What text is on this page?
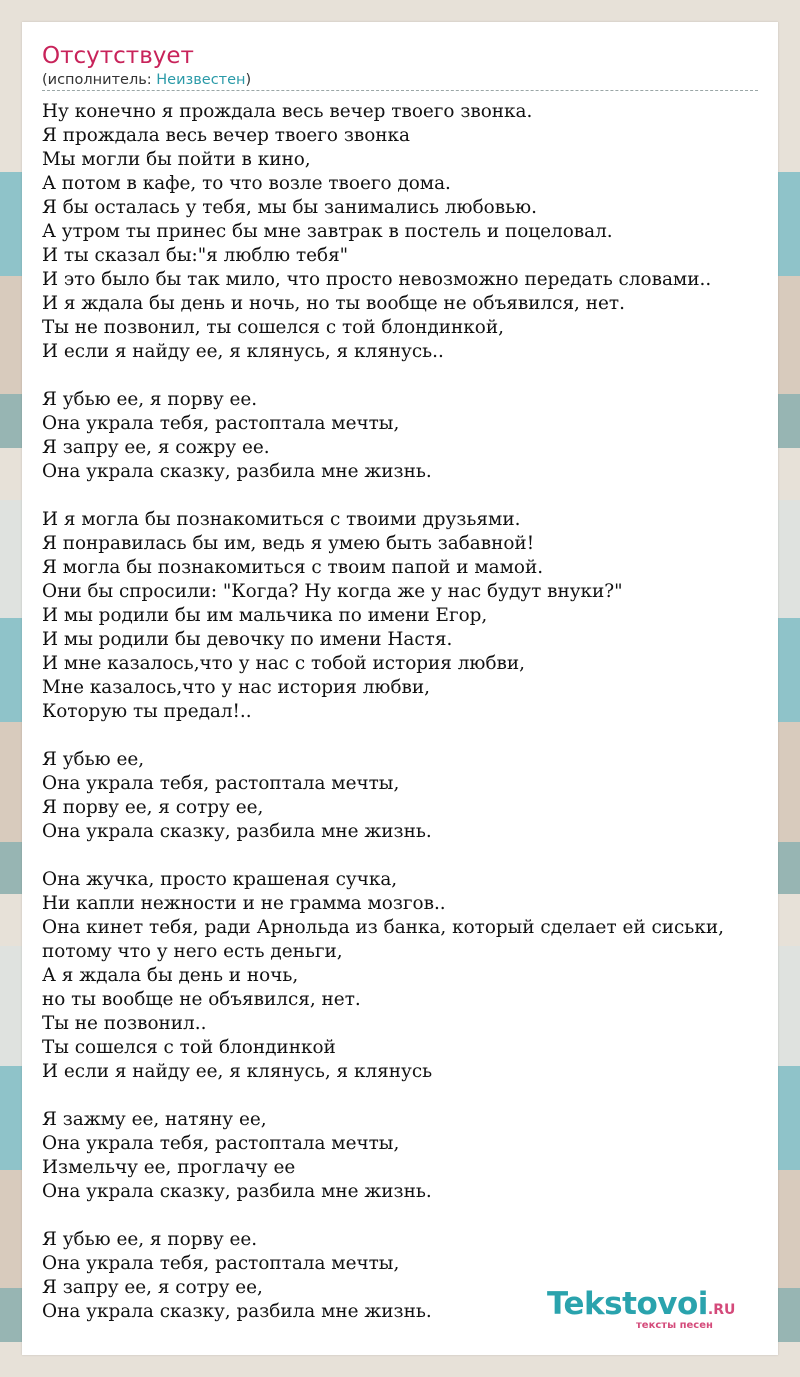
Отсутствует
(исполнитель: Неизвестен)
Ну конечно я прождала весь вечер твоего звонка.
Я прождала весь вечер твоего звонка
Мы могли бы пойти в кино,
А потом в кафе, то что возле твоего дома.
Я бы осталась у тебя, мы бы занимались любовью.
А утром ты принес бы мне завтрак в постель и поцеловал.
И ты сказал бы:"я люблю тебя"
И это было бы так мило, что просто невозможно передать словами..
И я ждала бы день и ночь, но ты вообще не объявился, нет.
Ты не позвонил, ты сошелся с той блондинкой,
И если я найду ее, я клянусь, я клянусь..

Я убью ее, я порву ее.
Она украла тебя, растоптала мечты,
Я запру ее, я сожру ее.
Она украла сказку, разбила мне жизнь.

И я могла бы познакомиться с твоими друзьями.
Я понравилась бы им, ведь я умею быть забавной!
Я могла бы познакомиться с твоим папой и мамой.
Они бы спросили: "Когда? Ну когда же у нас будут внуки?"
И мы родили бы им мальчика по имени Егор,
И мы родили бы девочку по имени Настя.
И мне казалось,что у нас с тобой история любви,
Мне казалось,что у нас история любви,
Которую ты предал!..

Я убью ее,
Она украла тебя, растоптала мечты,
Я порву ее, я сотру ее,
Она украла сказку, разбила мне жизнь.

Она жучка, просто крашеная сучка,
Ни капли нежности и не грамма мозгов..
Она кинет тебя, ради Арнольда из банка, который сделает ей сиськи,
потому что у него есть деньги,
А я ждала бы день и ночь,
но ты вообще не объявился, нет.
Ты не позвонил..
Ты сошелся с той блондинкой
И если я найду ее, я клянусь, я клянусь

Я зажму ее, натяну ее,
Она украла тебя, растоптала мечты,
Измельчу ее, проглачу ее
Она украла сказку, разбила мне жизнь.

Я убью ее, я порву ее.
Она украла тебя, растоптала мечты,
Я запру ее, я сотру ее,
Она украла сказку, разбила мне жизнь.	Tekstovoi.RU
тексты песен
